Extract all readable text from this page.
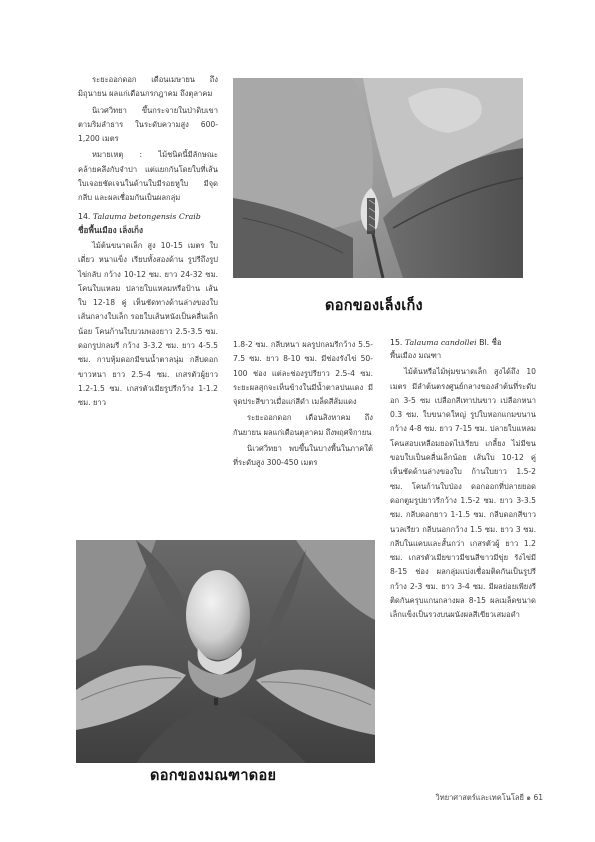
ระยะออกดอก เดือนเมษายน ถึง มิถุนายน ผลแก่เดือนกรกฎาคม ถึงตุลาคม

นิเวศวิทยา ขึ้นกระจายในป่าดิบเขา ตามริมลำธาร ในระดับความสูง 600-1,200 เมตร

หมายเหตุ : ไม้ชนิดนี้มีลักษณะคล้ายคลึงกับจำปา แต่แยกกันโดยใบที่เส้นใบเจอยชัดเจนในด้านใบมีรอยหูใบ มีจุดกลีบ และผลเชื่อมกันเป็นผลกลุ่ม

14. Talauma betongensis Craib

ชื่อพื้นเมือง เล็งเก็ง

ไม้ต้นขนาดเล็ก สูง 10-15 เมตร ใบเดี่ยว หนาแข็ง เรียบทั้งสองด้าน รูปรีถึงรูปไข่กลับ กว้าง 10-12 ซม. ยาว 24-32 ซม. โคนใบแหลม ปลายใบแหลมหรือป้าน เส้นใบ 12-18 คู่ เห็นชัดทางด้านล่างของใบ เส้นกลางใบเล็ก รอยใบเส้นหนังเป็นคลื่นเล็กน้อย โคนก้านใบบวมพองยาว 2.5-3.5 ซม. ดอกรูปกลมรี กว้าง 3-3.2 ซม. ยาว 4-5.5 ซม. กาบหุ้มดอกมีขนน้ำตาลนุ่ม กลีบดอกขาวหนา ยาว 2.5-4 ซม. เกสรตัวผู้ยาว 1.2-1.5 ซม. เกสรตัวเมียรูปรีกว้าง 1-1.2 ซม. ยาว

1.8-2 ซม. กลีบหนา ผลรูปกลมรีกว้าง 5.5-7.5 ซม. ยาว 8-10 ซม. มีช่องรังไข่ 50-100 ช่อง แต่ละช่องรูปรียาว 2.5-4 ซม. ระยะผลสุกจะเห็นข้างในมีน้ำตาลปนแดง มีจุดประสีขาวเมื่อแก่สีดำ เมล็ดสีส้มแดง

ระยะออกดอก เดือนสิงหาคม ถึงกันยายน ผลแก่เดือนตุลาคม ถึงพฤศจิกายน

นิเวศวิทยา พบขึ้นในบางพื้นในภาคใต้ ที่ระดับสูง 300-450 เมตร

15. Talauma candollei Bl. ชื่อ

พื้นเมือง มณฑา

ไม้ต้นหรือไม้พุ่มขนาดเล็ก สูงได้ถึง 10 เมตร มีลำต้นตรงศูนย์กลางของลำต้นที่ระดับอก 3-5 ซม เปลือกสีเทาปนขาว เปลือกหนา 0.3 ซม. ใบขนาดใหญ่ รูปใบหอกแกมขนาน กว้าง 4-8 ซม. ยาว 7-15 ซม. ปลายใบแหลมโคนสอบเหลือมยอดไปเรียบ เกลี้ยง ไม่มีขน ขอบใบเป็นคลื่นเล็กน้อย เส้นใบ 10-12 คู่ เห็นชัดด้านล่างของใบ ก้านใบยาว 1.5-2 ซม. โคนก้านใบป่อง ดอกออกที่ปลายยอด ดอกตูมรูปยาวรีกว้าง 1.5-2 ซม. ยาว 3-3.5 ซม. กลีบดอกยาว 1-1.5 ซม. กลีบดอกสีขาวนวลเรียว กลีบนอกกว้าง 1.5 ซม. ยาว 3 ซม. กลีบในแคบและสั้นกว่า เกสรตัวผู้ ยาว 1.2 ซม. เกสรตัวเมียขาวมีขนสีขาวมีขุ่ย รังไข่มี 8-15 ช่อง ผลกลุ่มแบ่งเชื่อมติดกันเป็นรูปรีกว้าง 2-3 ซม. ยาว 3-4 ซม. มีผลย่อยเพียงรีติดกันครุบแกนกลางผล 8-15 ผลเมล็ดขนาดเล็กแข็งเป็นรวงบนผนังผลสีเขียวเสมอดำ

ดอกของเล็งเก็ง
ดอกของมณฑาดอย
วิทยาศาสตร์และเทคโนโลยี ๑ 61
